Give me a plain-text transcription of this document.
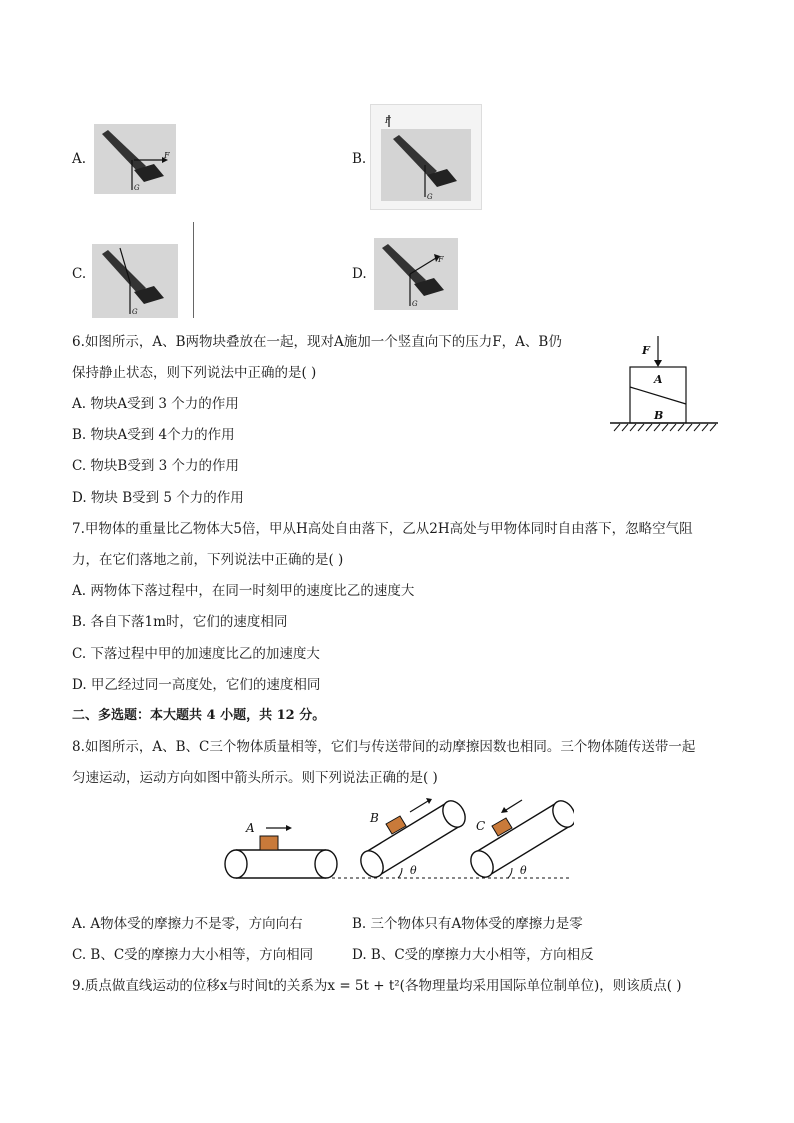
A.	F
G
B.
F
G
C.
G
D.
F
G
6.如图所示，A、B两物块叠放在一起，现对A施加一个竖直向下的压力F，A、B仍
保持静止状态，则下列说法中正确的是( )
A. 物块A受到 3 个力的作用
B. 物块A受到 4个力的作用
C. 物块B受到 3 个力的作用
D. 物块 B受到 5 个力的作用
F
A
B
7.甲物体的重量比乙物体大5倍，甲从H高处自由落下，乙从2H高处与甲物体同时自由落下，忽略空气阻
力，在它们落地之前，下列说法中正确的是( )
A. 两物体下落过程中，在同一时刻甲的速度比乙的速度大
B. 各自下落1m时，它们的速度相同
C. 下落过程中甲的加速度比乙的加速度大
D. 甲乙经过同一高度处，它们的速度相同
二、多选题：本大题共 4 小题，共 12 分。
8.如图所示，A、B、C三个物体质量相等，它们与传送带间的动摩擦因数也相同。三个物体随传送带一起
匀速运动，运动方向如图中箭头所示。则下列说法正确的是( )
A
B
θ
C
θ
A. A物体受的摩擦力不是零，方向向右	B. 三个物体只有A物体受的摩擦力是零
C. B、C受的摩擦力大小相等，方向相同	D. B、C受的摩擦力大小相等，方向相反
9.质点做直线运动的位移x与时间t的关系为x = 5t + t²(各物理量均采用国际单位制单位)，则该质点( )
